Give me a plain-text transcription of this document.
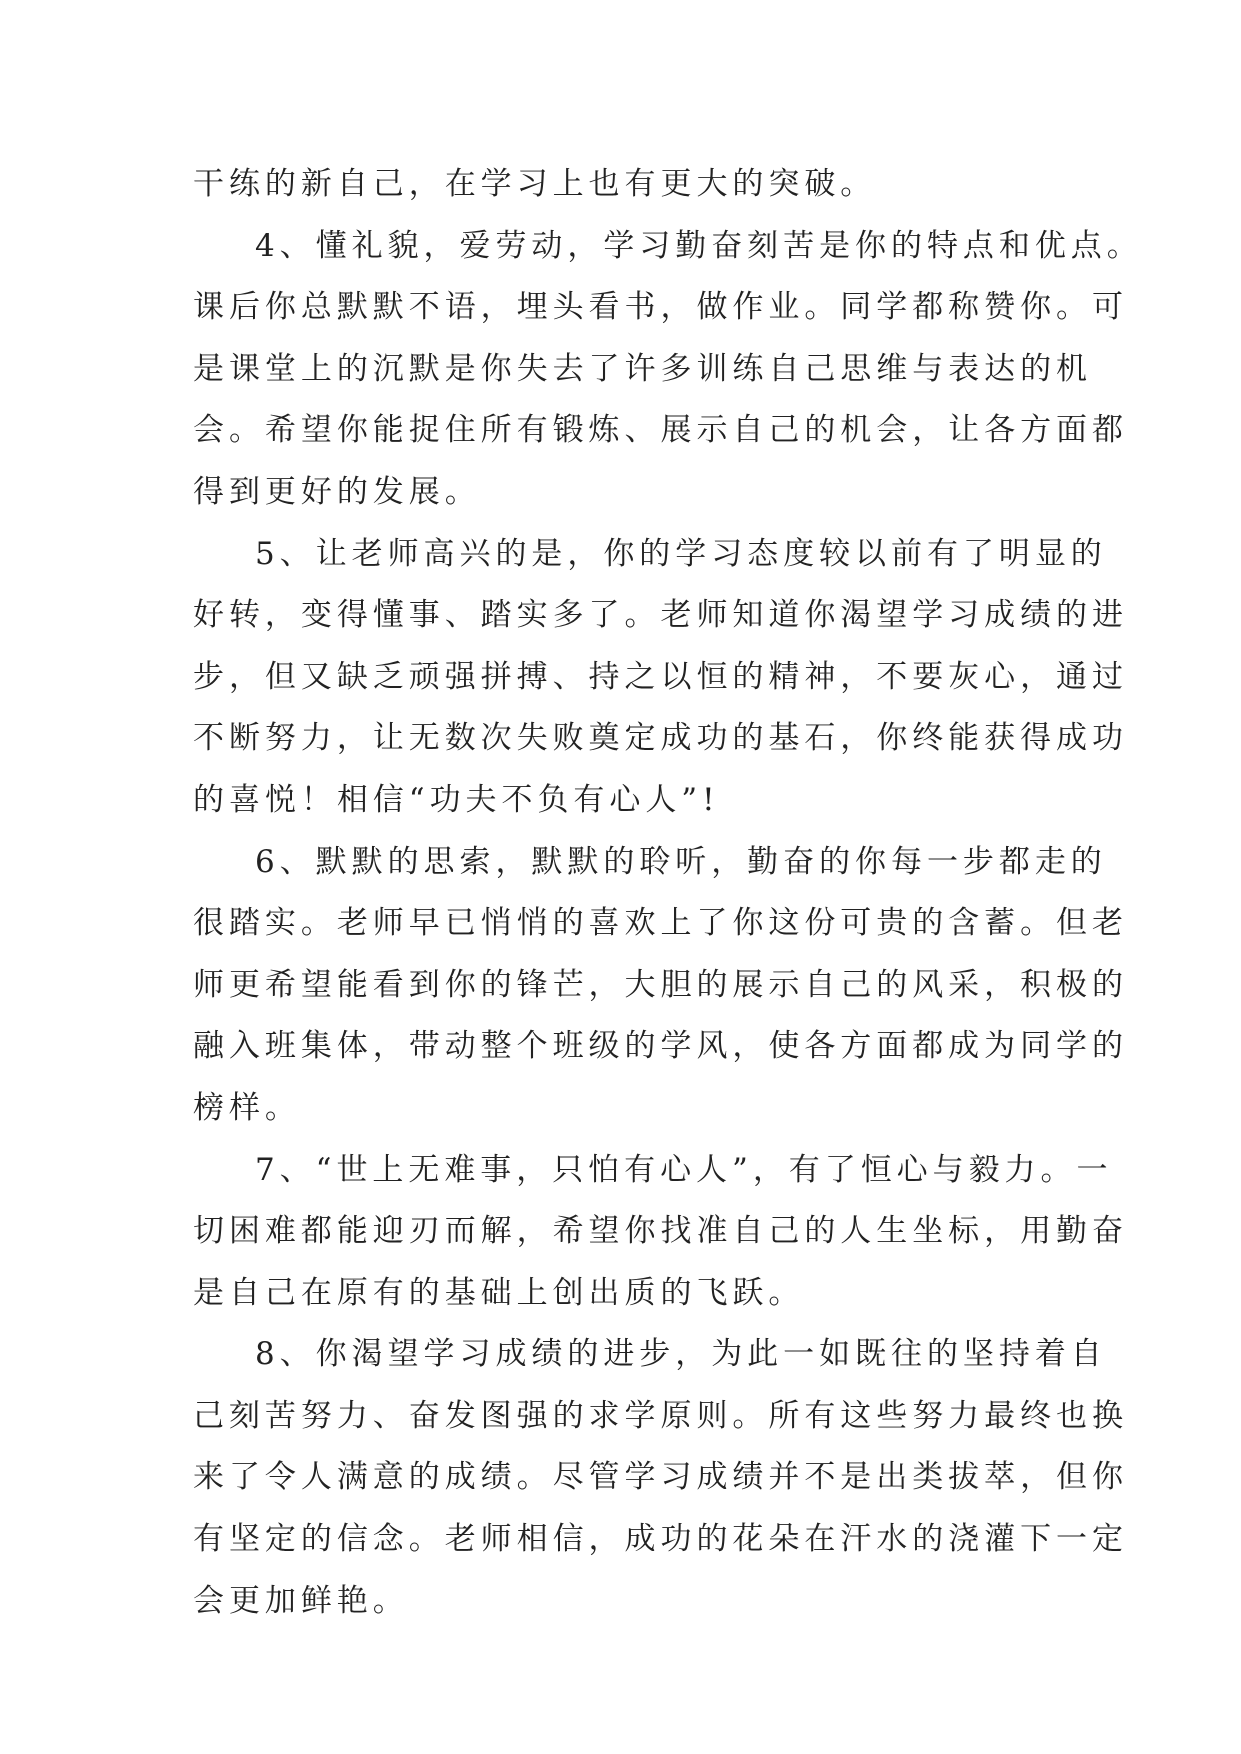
干练的新自己，在学习上也有更大的突破。
4、懂礼貌，爱劳动，学习勤奋刻苦是你的特点和优点。
课后你总默默不语，埋头看书，做作业。同学都称赞你。可
是课堂上的沉默是你失去了许多训练自己思维与表达的机
会。希望你能捉住所有锻炼、展示自己的机会，让各方面都
得到更好的发展。
5、让老师高兴的是，你的学习态度较以前有了明显的
好转，变得懂事、踏实多了。老师知道你渴望学习成绩的进
步，但又缺乏顽强拼搏、持之以恒的精神，不要灰心，通过
不断努力，让无数次失败奠定成功的基石，你终能获得成功
的喜悦！相信“功夫不负有心人”!
6、默默的思索，默默的聆听，勤奋的你每一步都走的
很踏实。老师早已悄悄的喜欢上了你这份可贵的含蓄。但老
师更希望能看到你的锋芒，大胆的展示自己的风采，积极的
融入班集体，带动整个班级的学风，使各方面都成为同学的
榜样。
7、“世上无难事，只怕有心人”，有了恒心与毅力。一
切困难都能迎刃而解，希望你找准自己的人生坐标，用勤奋
是自己在原有的基础上创出质的飞跃。
8、你渴望学习成绩的进步，为此一如既往的坚持着自
己刻苦努力、奋发图强的求学原则。所有这些努力最终也换
来了令人满意的成绩。尽管学习成绩并不是出类拔萃，但你
有坚定的信念。老师相信，成功的花朵在汗水的浇灌下一定
会更加鲜艳。
